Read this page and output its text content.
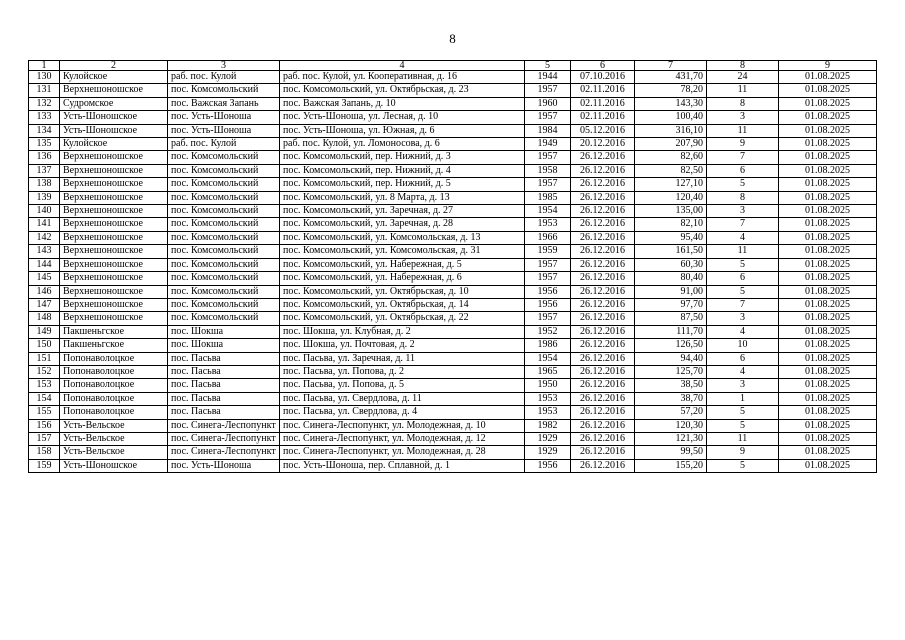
8
1	2	3	4	5	6	7	8	9
130	Кулойское	раб. пос. Кулой	раб. пос. Кулой, ул. Кооперативная, д. 16	1944	07.10.2016	431,70	24	01.08.2025
131	Верхнешоношское	пос. Комсомольский	пос. Комсомольский, ул. Октябрьская, д. 23	1957	02.11.2016	78,20	11	01.08.2025
132	Судромское	пос. Важская Запань	пос. Важская Запань, д. 10	1960	02.11.2016	143,30	8	01.08.2025
133	Усть-Шоношское	пос. Усть-Шоноша	пос. Усть-Шоноша, ул. Лесная, д. 10	1957	02.11.2016	100,40	3	01.08.2025
134	Усть-Шоношское	пос. Усть-Шоноша	пос. Усть-Шоноша, ул. Южная, д. 6	1984	05.12.2016	316,10	11	01.08.2025
135	Кулойское	раб. пос. Кулой	раб. пос. Кулой, ул. Ломоносова, д. 6	1949	20.12.2016	207,90	9	01.08.2025
136	Верхнешоношское	пос. Комсомольский	пос. Комсомольский, пер. Нижний, д. 3	1957	26.12.2016	82,60	7	01.08.2025
137	Верхнешоношское	пос. Комсомольский	пос. Комсомольский, пер. Нижний, д. 4	1958	26.12.2016	82,50	6	01.08.2025
138	Верхнешоношское	пос. Комсомольский	пос. Комсомольский, пер. Нижний, д. 5	1957	26.12.2016	127,10	5	01.08.2025
139	Верхнешоношское	пос. Комсомольский	пос. Комсомольский, ул. 8 Марта, д. 13	1985	26.12.2016	120,40	8	01.08.2025
140	Верхнешоношское	пос. Комсомольский	пос. Комсомольский, ул. Заречная, д. 27	1954	26.12.2016	135,00	3	01.08.2025
141	Верхнешоношское	пос. Комсомольский	пос. Комсомольский, ул. Заречная, д. 28	1953	26.12.2016	82,10	7	01.08.2025
142	Верхнешоношское	пос. Комсомольский	пос. Комсомольский, ул. Комсомольская, д. 13	1966	26.12.2016	95,40	4	01.08.2025
143	Верхнешоношское	пос. Комсомольский	пос. Комсомольский, ул. Комсомольская, д. 31	1959	26.12.2016	161,50	11	01.08.2025
144	Верхнешоношское	пос. Комсомольский	пос. Комсомольский, ул. Набережная, д. 5	1957	26.12.2016	60,30	5	01.08.2025
145	Верхнешоношское	пос. Комсомольский	пос. Комсомольский, ул. Набережная, д. 6	1957	26.12.2016	80,40	6	01.08.2025
146	Верхнешоношское	пос. Комсомольский	пос. Комсомольский, ул. Октябрьская, д. 10	1956	26.12.2016	91,00	5	01.08.2025
147	Верхнешоношское	пос. Комсомольский	пос. Комсомольский, ул. Октябрьская, д. 14	1956	26.12.2016	97,70	7	01.08.2025
148	Верхнешоношское	пос. Комсомольский	пос. Комсомольский, ул. Октябрьская, д. 22	1957	26.12.2016	87,50	3	01.08.2025
149	Пакшеньгское	пос. Шокша	пос. Шокша, ул. Клубная, д. 2	1952	26.12.2016	111,70	4	01.08.2025
150	Пакшеньгское	пос. Шокша	пос. Шокша, ул. Почтовая, д. 2	1986	26.12.2016	126,50	10	01.08.2025
151	Попонаволоцкое	пос. Пасьва	пос. Пасьва, ул. Заречная, д. 11	1954	26.12.2016	94,40	6	01.08.2025
152	Попонаволоцкое	пос. Пасьва	пос. Пасьва, ул. Попова, д. 2	1965	26.12.2016	125,70	4	01.08.2025
153	Попонаволоцкое	пос. Пасьва	пос. Пасьва, ул. Попова, д. 5	1950	26.12.2016	38,50	3	01.08.2025
154	Попонаволоцкое	пос. Пасьва	пос. Пасьва, ул. Свердлова, д. 11	1953	26.12.2016	38,70	1	01.08.2025
155	Попонаволоцкое	пос. Пасьва	пос. Пасьва, ул. Свердлова, д. 4	1953	26.12.2016	57,20	5	01.08.2025
156	Усть-Вельское	пос. Синега-Леспопункт	пос. Синега-Леспопункт, ул. Молодежная, д. 10	1982	26.12.2016	120,30	5	01.08.2025
157	Усть-Вельское	пос. Синега-Леспопункт	пос. Синега-Леспопункт, ул. Молодежная, д. 12	1929	26.12.2016	121,30	11	01.08.2025
158	Усть-Вельское	пос. Синега-Леспопункт	пос. Синега-Леспопункт, ул. Молодежная, д. 28	1929	26.12.2016	99,50	9	01.08.2025
159	Усть-Шоношское	пос. Усть-Шоноша	пос. Усть-Шоноша, пер. Сплавной, д. 1	1956	26.12.2016	155,20	5	01.08.2025
